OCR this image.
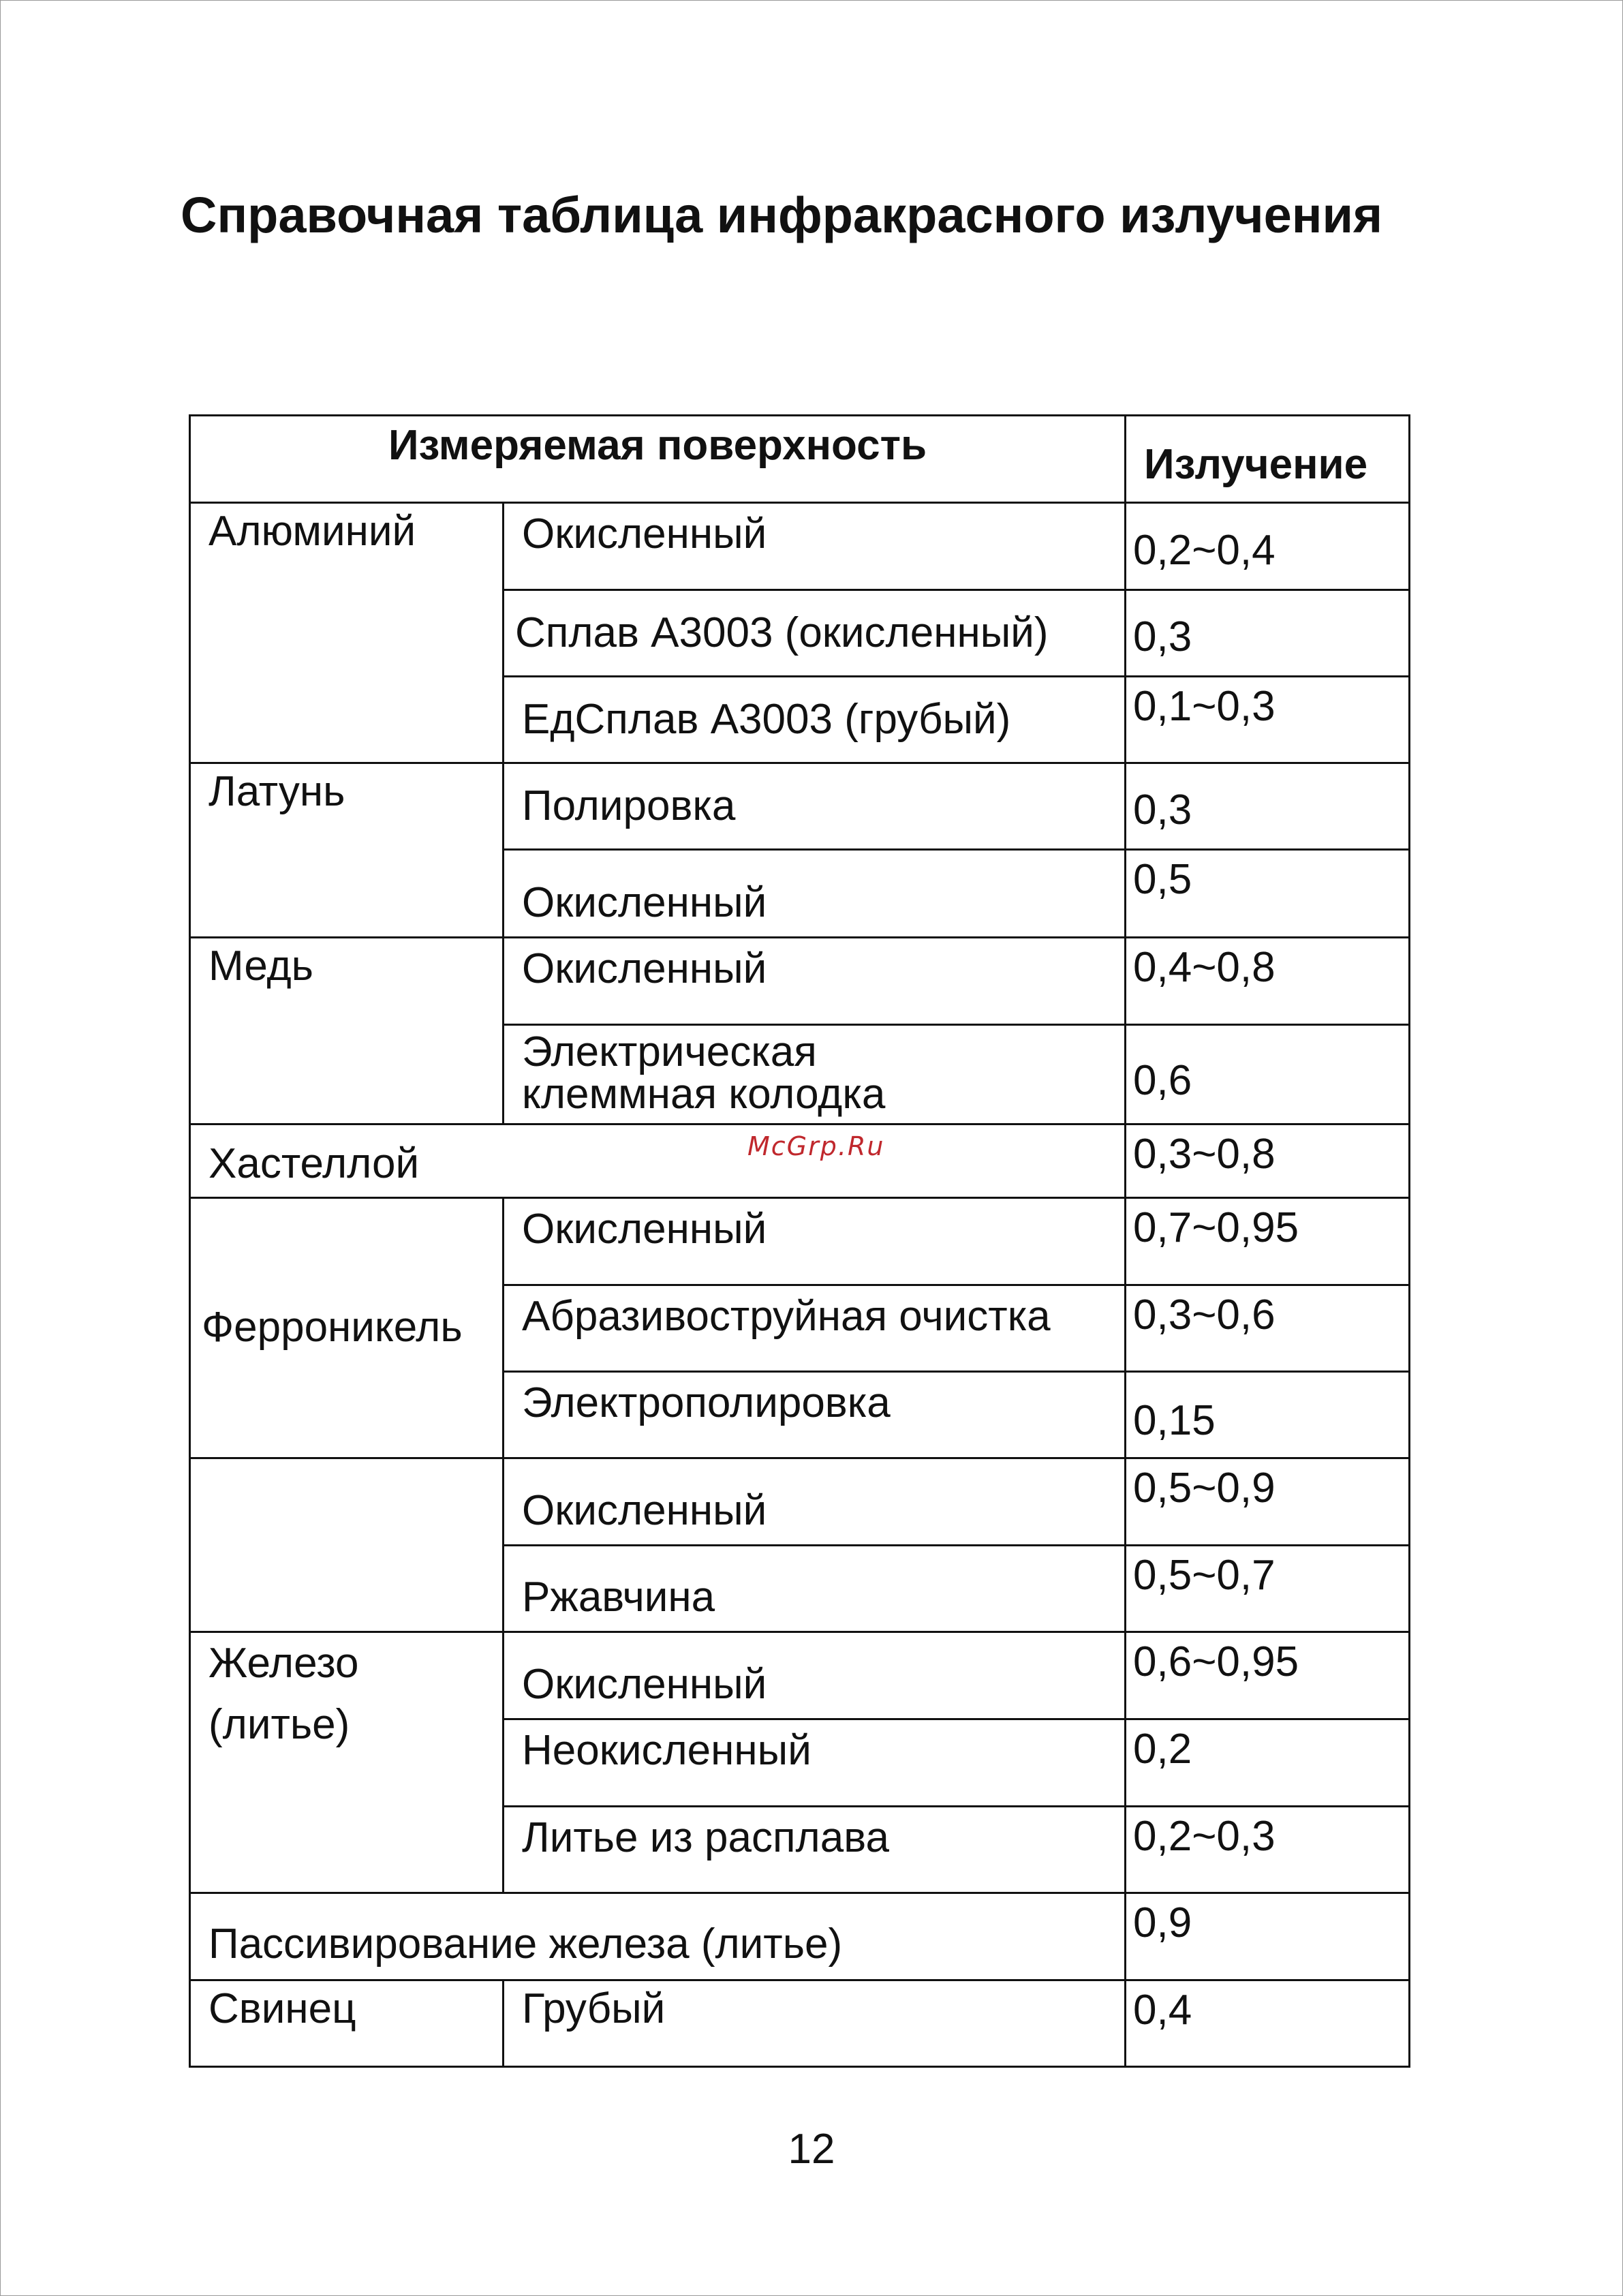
Справочная таблица инфракрасного излучения
Измеряемая поверхность		Излучение
Алюминий	Окисленный	0,2~0,4
	Сплав А3003 (окисленный)	0,3
	ЕдСплав А3003 (грубый)	0,1~0,3
Латунь	Полировка	0,3
	Окисленный	0,5
Медь	Окисленный	0,4~0,8

	Электрическая клеммная колодка	0,6
Хастеллой		0,3~0,8
Ферроникель	Окисленный	0,7~0,95
	Абразивоструйная очистка	0,3~0,6
	Электрополировка	0,15
	Окисленный	0,5~0,9
	Ржавчина	0,5~0,7

Железо
(литье)	Окисленный	0,6~0,95
	Неокисленный	0,2
	Литье из расплава	0,2~0,3
Пассивирование железа (литье)		0,9
Свинец	Грубый	0,4
McGrp.Ru
12
